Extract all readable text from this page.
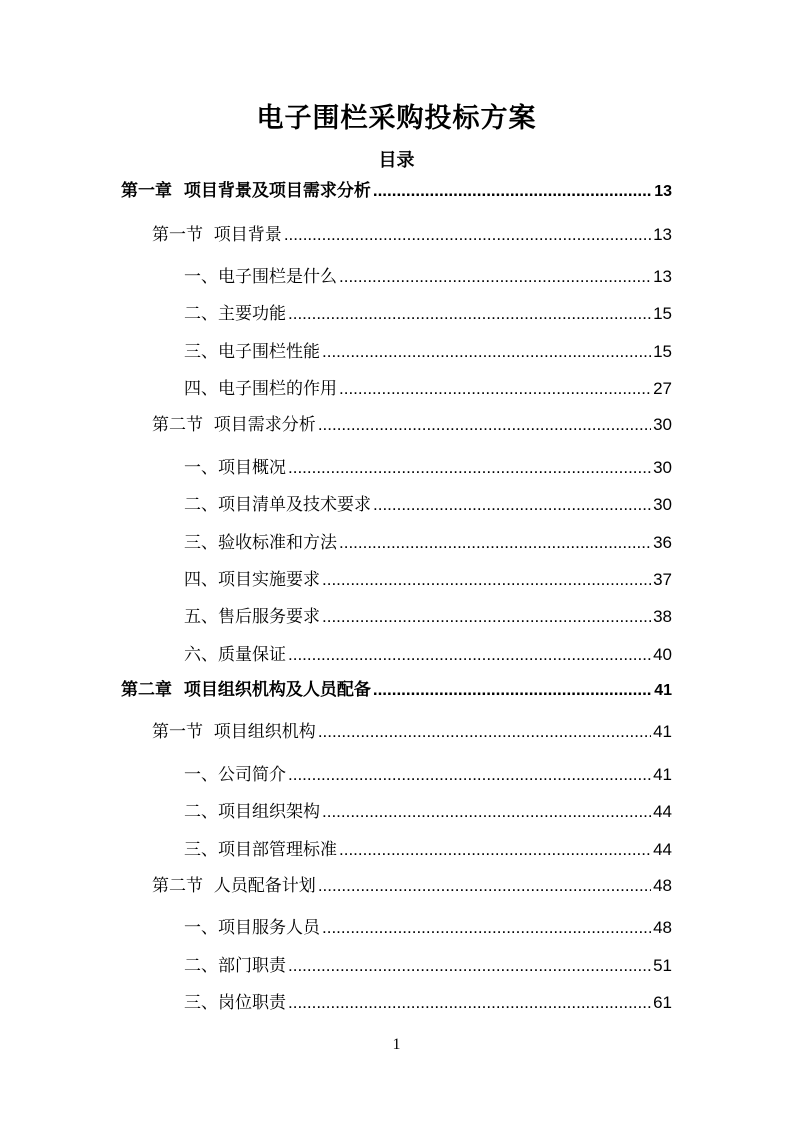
电子围栏采购投标方案
目录
第一章  项目背景及项目需求分析 .....	13
第一节  项目背景 .....	13
一、电子围栏是什么 .....	13
二、主要功能 .....	15
三、电子围栏性能 .....	15
四、电子围栏的作用 .....	27
第二节  项目需求分析 .....	30
一、项目概况 .....	30
二、项目清单及技术要求 .....	30
三、验收标准和方法 .....	36
四、项目实施要求 .....	37
五、售后服务要求 .....	38
六、质量保证 .....	40
第二章  项目组织机构及人员配备 .....	41
第一节  项目组织机构 .....	41
一、公司简介 .....	41
二、项目组织架构 .....	44
三、项目部管理标准 .....	44
第二节  人员配备计划 .....	48
一、项目服务人员 .....	48
二、部门职责 .....	51
三、岗位职责 .....	61
1
